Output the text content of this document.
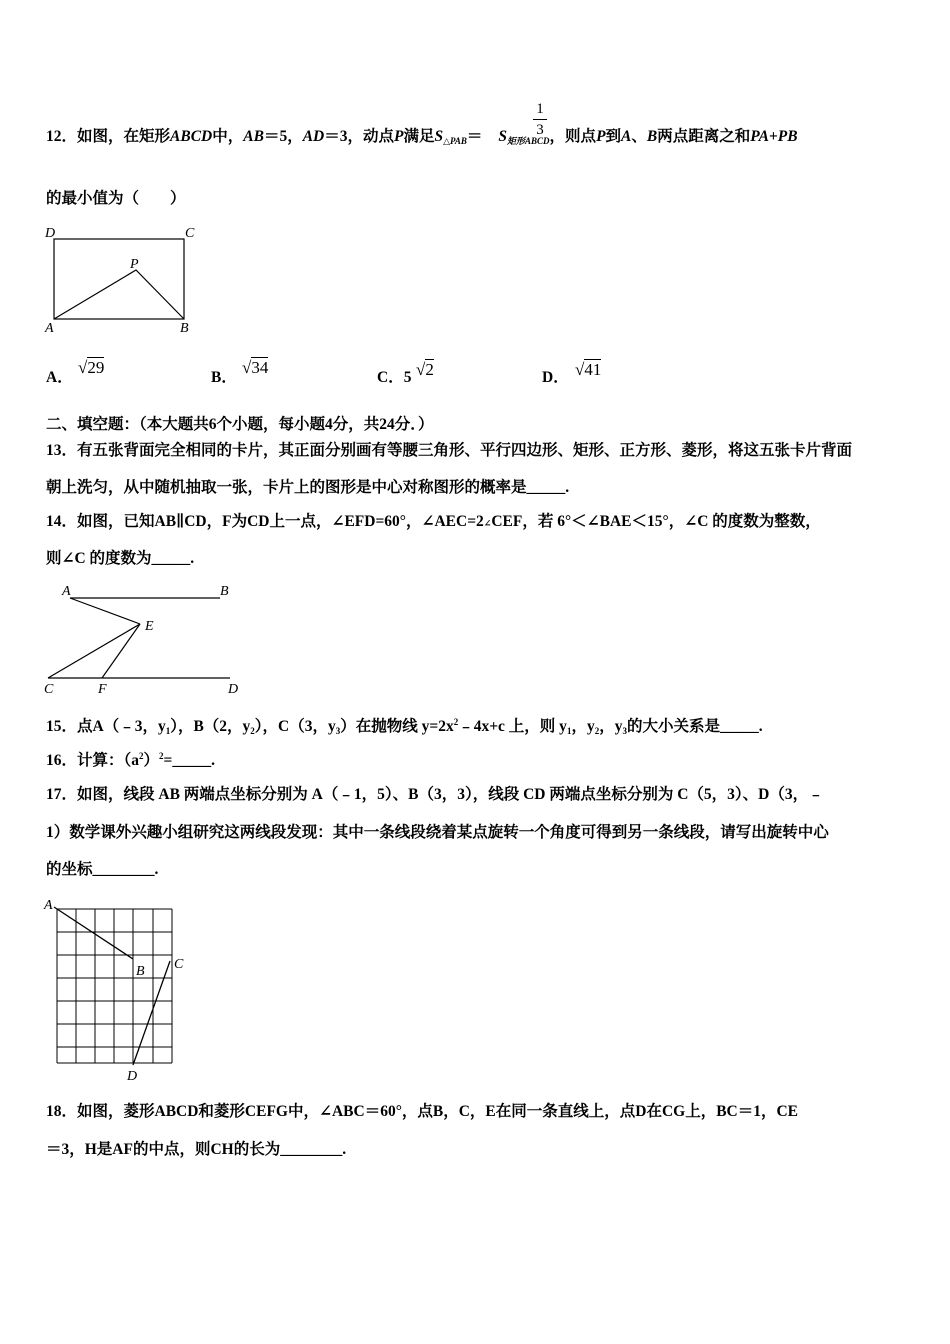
12．如图，在矩形ABCD中，AB＝5，AD＝3，动点P满足S△PAB＝ S矩形ABCD，则点P到A、B两点距离之和PA+PB
1
3
的最小值为（　　）
D	C
P
A	B
A．
√29
B．
√34
C．5 √2	D． √41
二、填空题：（本大题共6个小题，每小题4分，共24分．）
13．有五张背面完全相同的卡片，其正面分别画有等腰三角形、平行四边形、矩形、正方形、菱形，将这五张卡片背面
朝上洗匀，从中随机抽取一张，卡片上的图形是中心对称图形的概率是_____.
14．如图，已知AB∥CD，F为CD上一点，∠EFD=60°，∠AEC=2∠CEF，若 6°＜∠BAE＜15°，∠C 的度数为整数，
则∠C 的度数为_____.
A	B
E
C	F	D
15．点A（﹣3，y1），B（2，y2），C（3，y3）在抛物线 $y=2x^2﹣4x+c$ 上，则 y1，y2，y3的大小关系是_____.
16．计算：$(a^2)^2=\_\_\_\_\_$.
17．如图，线段 AB 两端点坐标分别为 A（﹣1，5）、B（3，3），线段 CD 两端点坐标分别为 C（5，3）、D（3，﹣
1）数学课外兴趣小组研究这两线段发现：其中一条线段绕着某点旋转一个角度可得到另一条线段，请写出旋转中心
的坐标________.
A
B C
D
18．如图，菱形ABCD和菱形CEFG中，∠ABC＝60°，点B，C，E在同一条直线上，点D在CG上，BC＝1，CE
＝3，H是AF的中点，则CH的长为________.
